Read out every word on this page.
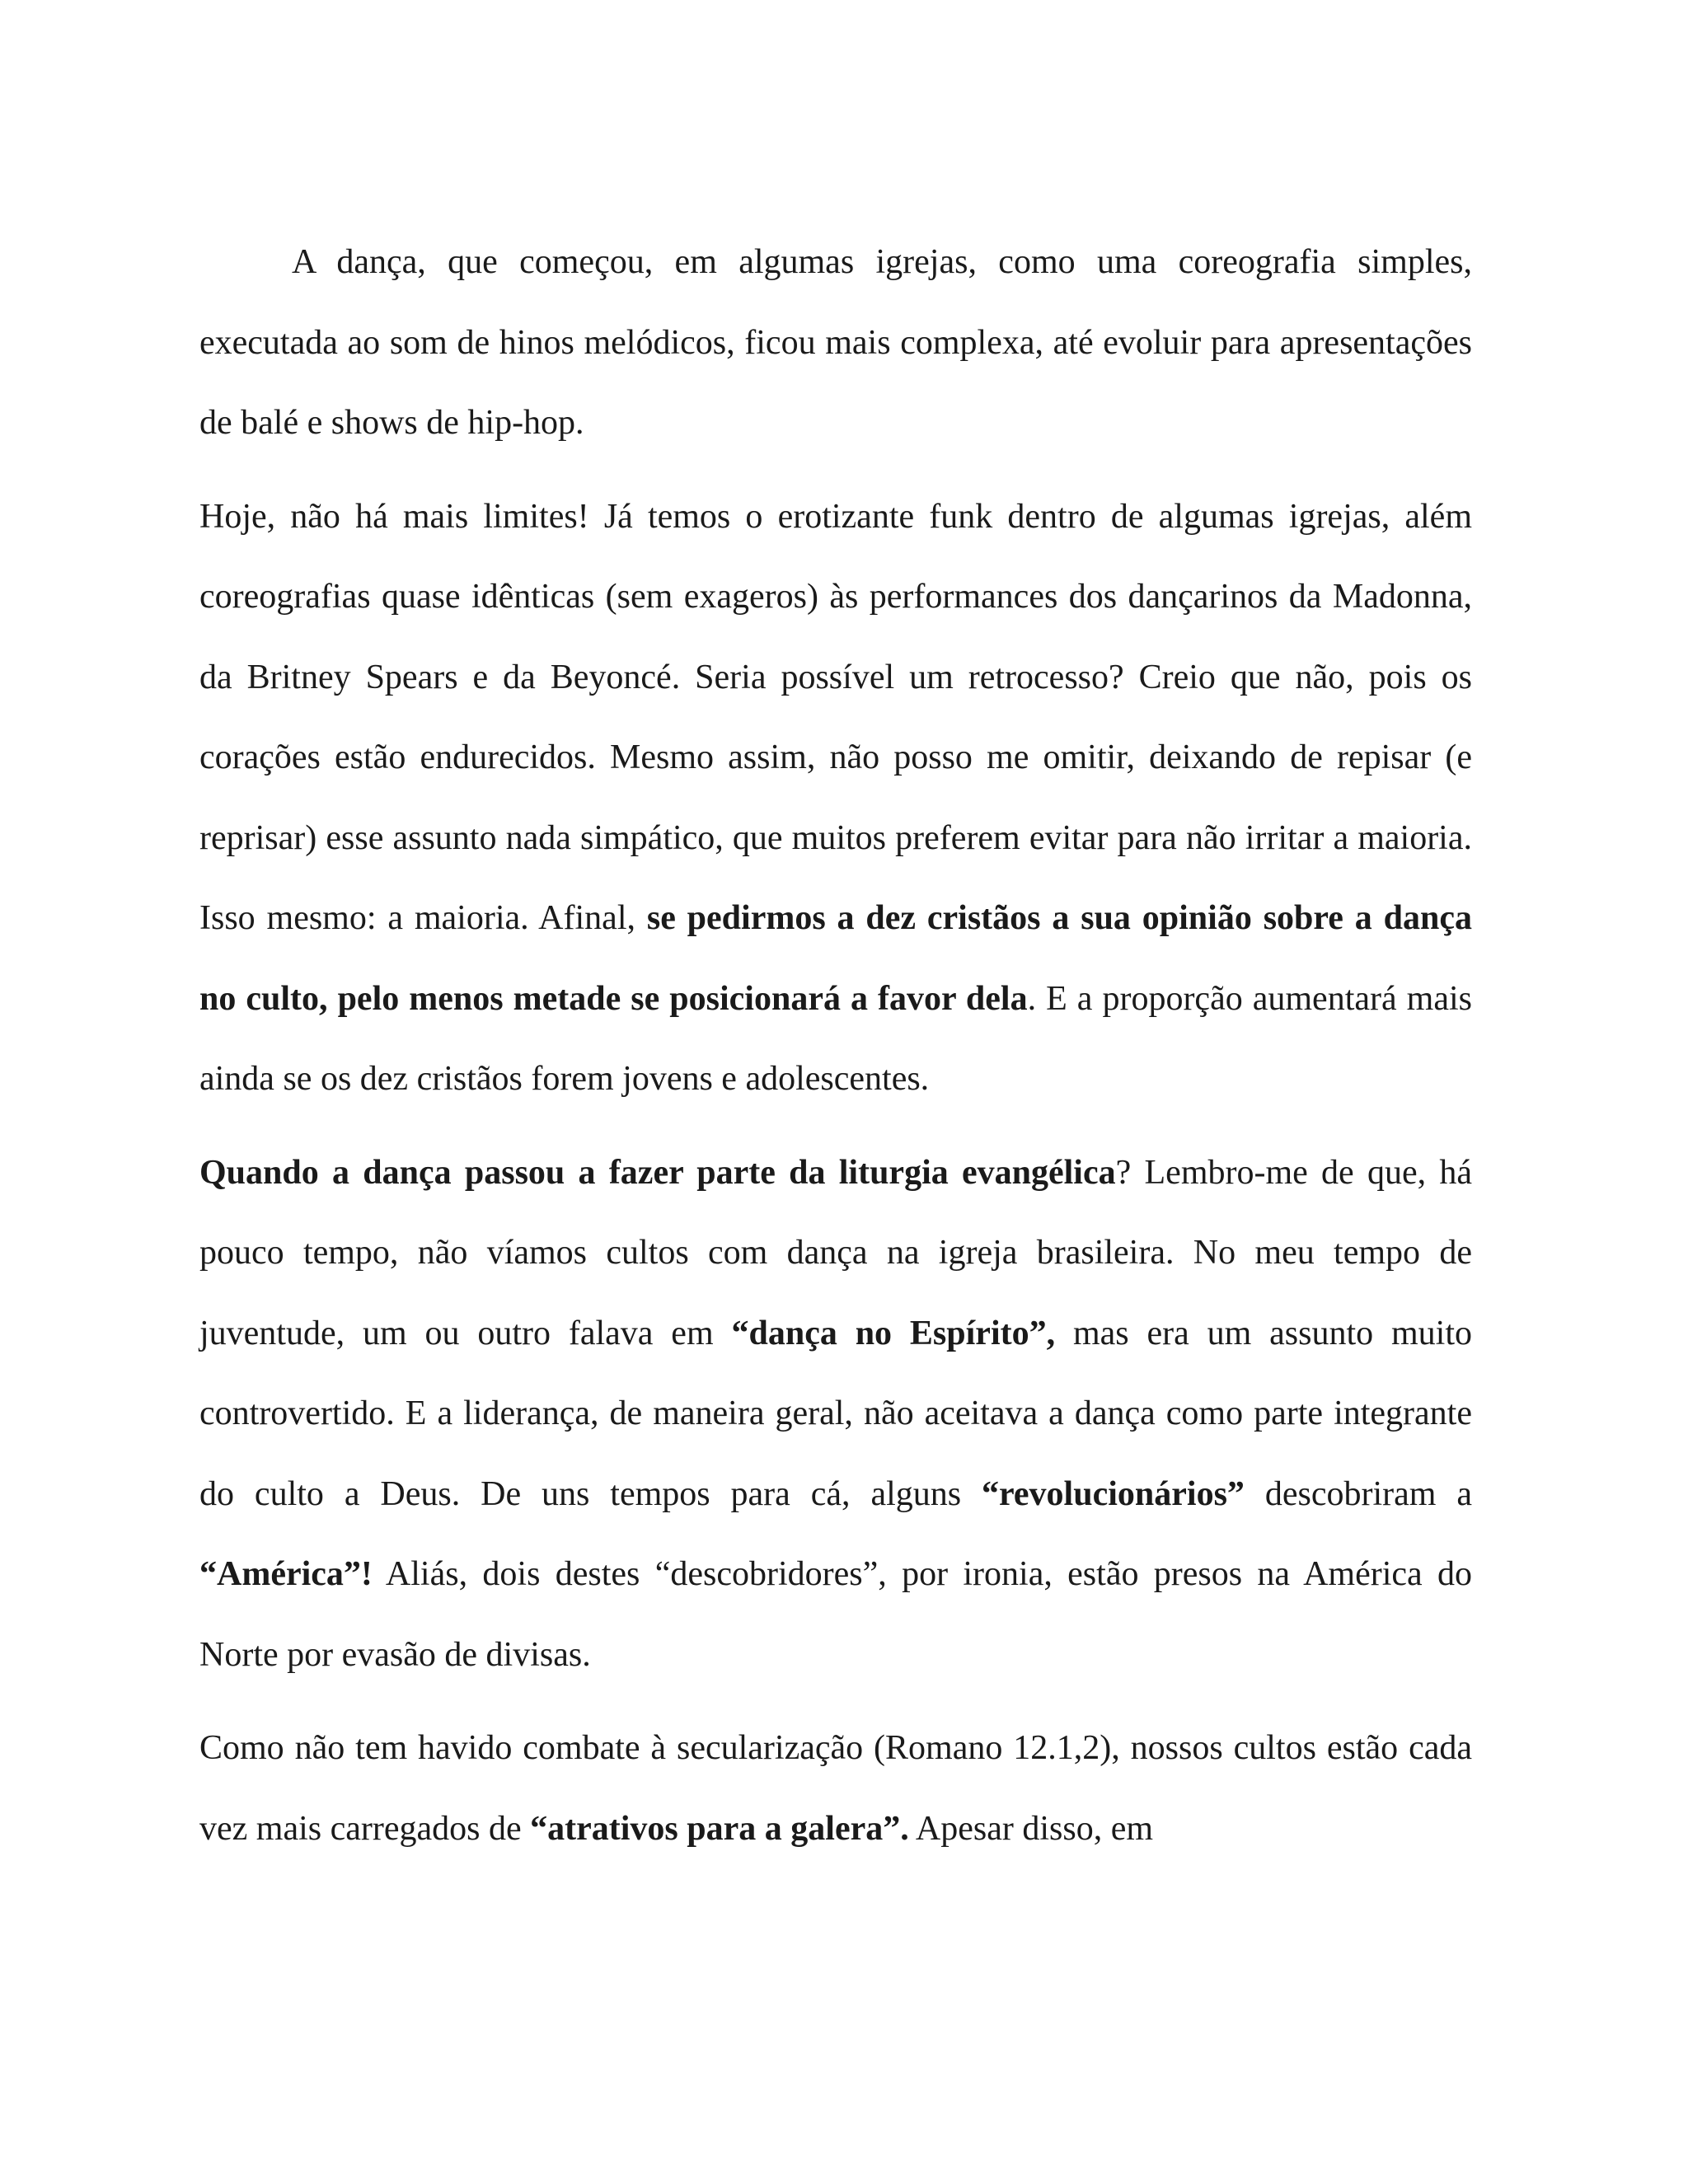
A dança, que começou, em algumas igrejas, como uma coreografia simples, executada ao som de hinos melódicos, ficou mais complexa, até evoluir para apresentações de balé e shows de hip-hop.

Hoje, não há mais limites! Já temos o erotizante funk dentro de algumas igrejas, além coreografias quase idênticas (sem exageros) às performances dos dançarinos da Madonna, da Britney Spears e da Beyoncé. Seria possível um retrocesso? Creio que não, pois os corações estão endurecidos. Mesmo assim, não posso me omitir, deixando de repisar (e reprisar) esse assunto nada simpático, que muitos preferem evitar para não irritar a maioria. Isso mesmo: a maioria. Afinal, se pedirmos a dez cristãos a sua opinião sobre a dança no culto, pelo menos metade se posicionará a favor dela. E a proporção aumentará mais ainda se os dez cristãos forem jovens e adolescentes.

Quando a dança passou a fazer parte da liturgia evangélica? Lembro-me de que, há pouco tempo, não víamos cultos com dança na igreja brasileira. No meu tempo de juventude, um ou outro falava em “dança no Espírito”, mas era um assunto muito controvertido. E a liderança, de maneira geral, não aceitava a dança como parte integrante do culto a Deus. De uns tempos para cá, alguns “revolucionários” descobriram a “América”! Aliás, dois destes “descobridores”, por ironia, estão presos na América do Norte por evasão de divisas.

Como não tem havido combate à secularização (Romano 12.1,2), nossos cultos estão cada vez mais carregados de “atrativos para a galera”. Apesar disso, em
